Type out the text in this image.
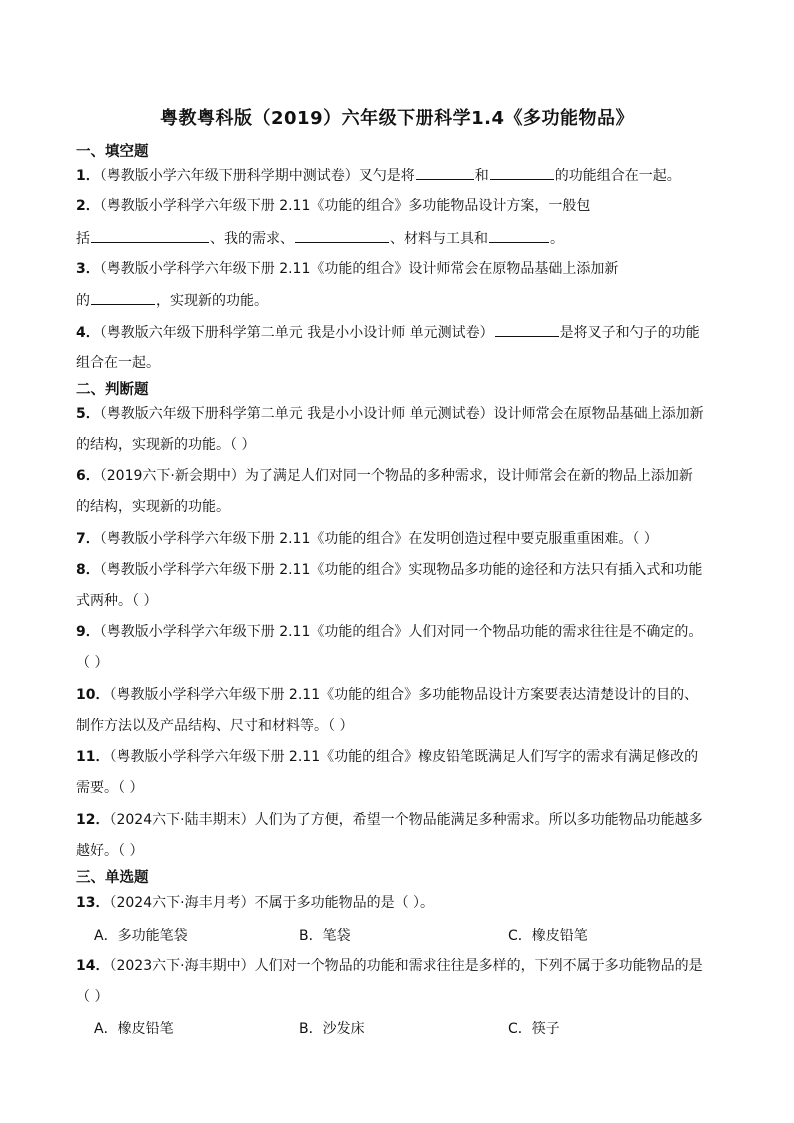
粤教粤科版（2019）六年级下册科学1.4《多功能物品》
一、填空题
1．（粤教版小学六年级下册科学期中测试卷）叉勺是将	和	的功能组合在一起。
2．（粤教版小学科学六年级下册 2.11《功能的组合》多功能物品设计方案，一般包
括	、我的需求、	、材料与工具和	。
3．（粤教版小学科学六年级下册 2.11《功能的组合》设计师常会在原物品基础上添加新
的	，实现新的功能。
4．（粤教版六年级下册科学第二单元 我是小小设计师 单元测试卷）	是将叉子和勺子的功能
组合在一起。
二、判断题
5．（粤教版六年级下册科学第二单元 我是小小设计师 单元测试卷）设计师常会在原物品基础上添加新
的结构，实现新的功能。（ ）
6．（2019六下·新会期中）为了满足人们对同一个物品的多种需求，设计师常会在新的物品上添加新
的结构，实现新的功能。
7．（粤教版小学科学六年级下册 2.11《功能的组合》在发明创造过程中要克服重重困难。（ ）
8．（粤教版小学科学六年级下册 2.11《功能的组合》实现物品多功能的途径和方法只有插入式和功能
式两种。（ ）
9．（粤教版小学科学六年级下册 2.11《功能的组合》人们对同一个物品功能的需求往往是不确定的。
（ ）
10．（粤教版小学科学六年级下册 2.11《功能的组合》多功能物品设计方案要表达清楚设计的目的、
制作方法以及产品结构、尺寸和材料等。（ ）
11．（粤教版小学科学六年级下册 2.11《功能的组合》橡皮铅笔既满足人们写字的需求有满足修改的
需要。（ ）
12．（2024六下·陆丰期末）人们为了方便，希望一个物品能满足多种需求。所以多功能物品功能越多
越好。（ ）
三、单选题
13．（2024六下·海丰月考）不属于多功能物品的是（ ）。
A．多功能笔袋	B．笔袋	C．橡皮铅笔
14．（2023六下·海丰期中）人们对一个物品的功能和需求往往是多样的，下列不属于多功能物品的是
（ ）
A．橡皮铅笔	B．沙发床	C．筷子
